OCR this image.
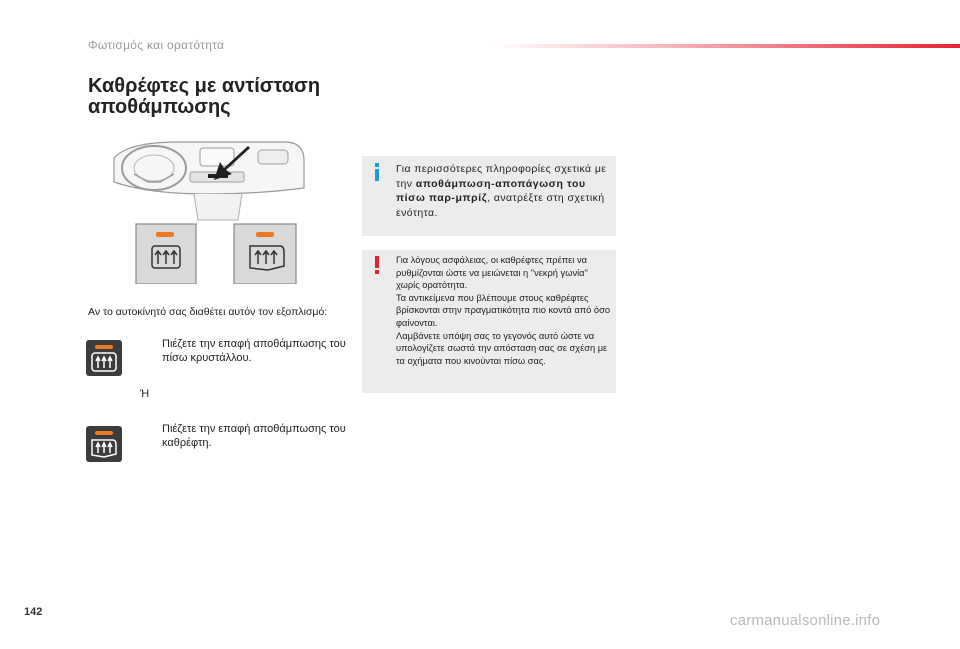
Φωτισμός και ορατότητα
Καθρέφτες με αντίσταση αποθάμπωσης
Αν το αυτοκίνητό σας διαθέτει αυτόν τον εξοπλισμό:
Πιέζετε την επαφή αποθάμπωσης του πίσω κρυστάλλου.
Ή
Πιέζετε την επαφή αποθάμπωσης του καθρέφτη.
Για περισσότερες πληροφορίες σχετικά με την αποθάμπωση-αποπάγωση του πίσω παρ-μπρίζ, ανατρέξτε στη σχετική ενότητα.
Για λόγους ασφάλειας, οι καθρέφτες πρέπει να ρυθμίζονται ώστε να μειώνεται η "νεκρή γωνία" χωρίς ορατότητα.
Τα αντικείμενα που βλέπουμε στους καθρέφτες βρίσκονται στην πραγματικότητα πιο κοντά από όσο φαίνονται.
Λαμβάνετε υπόψη σας το γεγονός αυτό ώστε να υπολογίζετε σωστά την απόσταση σας σε σχέση με τα οχήματα που κινούνται πίσω σας.
142	carmanualsonline.info
